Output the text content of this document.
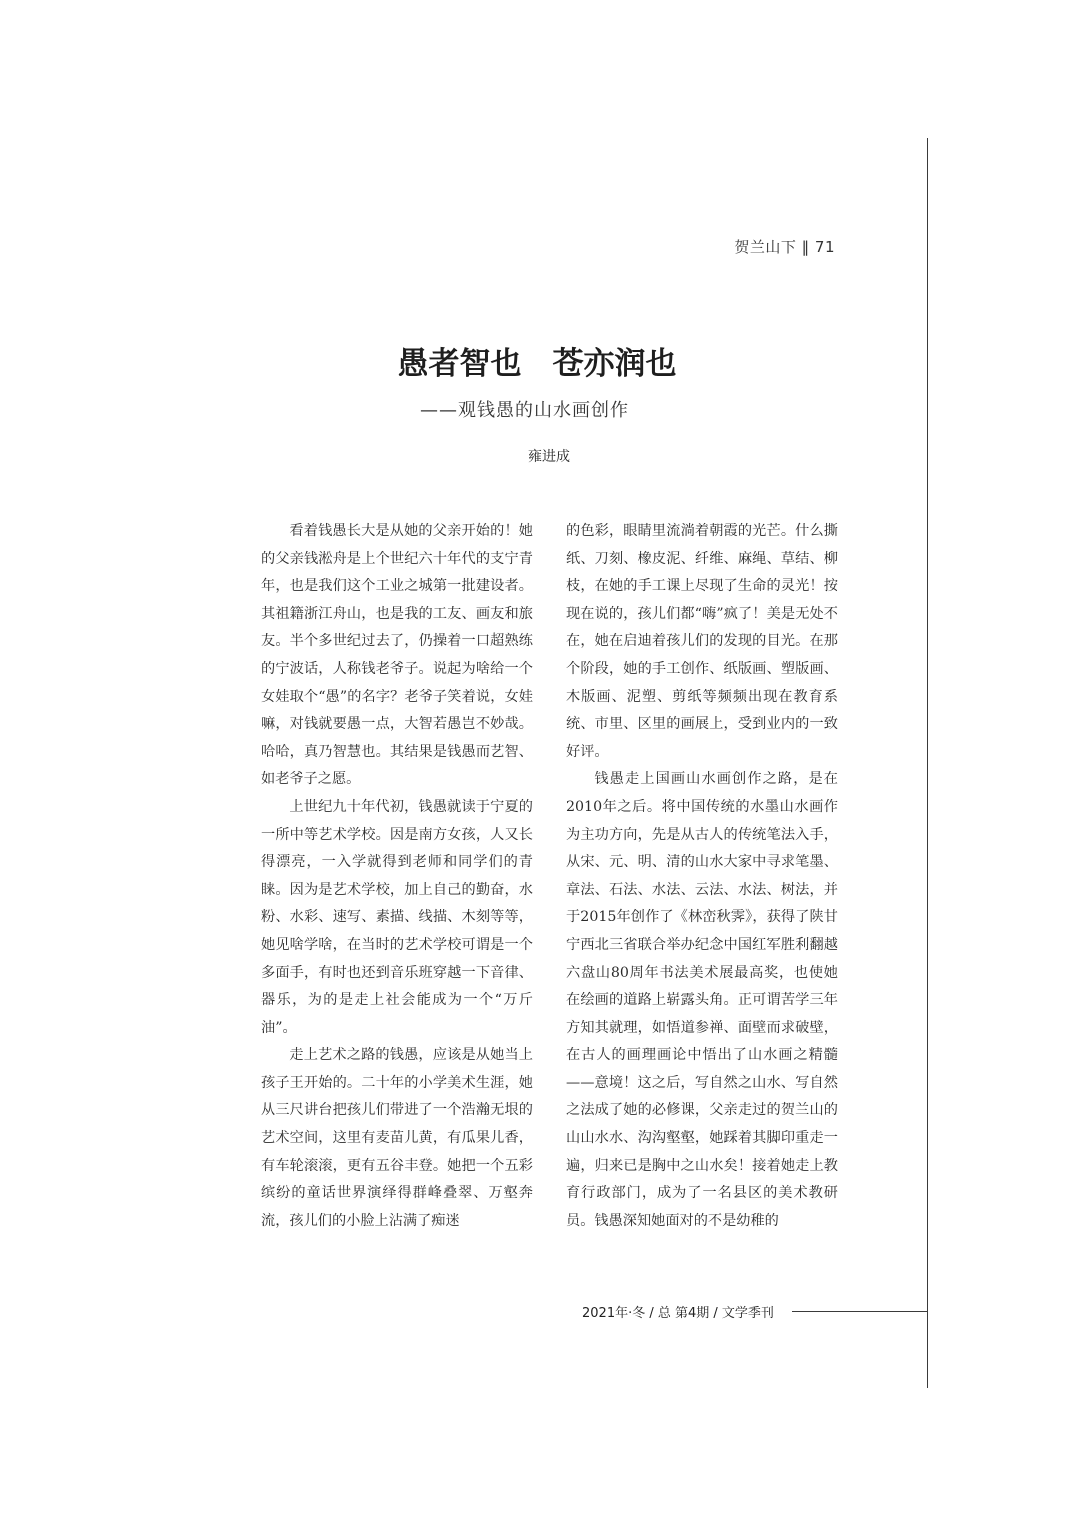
贺兰山下 ‖ 71
愚者智也　苍亦润也
——观钱愚的山水画创作
雍进成

看着钱愚长大是从她的父亲开始的！她的父亲钱淞舟是上个世纪六十年代的支宁青年，也是我们这个工业之城第一批建设者。其祖籍浙江舟山，也是我的工友、画友和旅友。半个多世纪过去了，仍操着一口超熟练的宁波话，人称钱老爷子。说起为啥给一个女娃取个“愚”的名字？老爷子笑着说，女娃嘛，对钱就要愚一点，大智若愚岂不妙哉。哈哈，真乃智慧也。其结果是钱愚而艺智、如老爷子之愿。

上世纪九十年代初，钱愚就读于宁夏的一所中等艺术学校。因是南方女孩，人又长得漂亮，一入学就得到老师和同学们的青睐。因为是艺术学校，加上自己的勤奋，水粉、水彩、速写、素描、线描、木刻等等，她见啥学啥，在当时的艺术学校可谓是一个多面手，有时也还到音乐班穿越一下音律、器乐，为的是走上社会能成为一个“万斤油”。

走上艺术之路的钱愚，应该是从她当上孩子王开始的。二十年的小学美术生涯，她从三尺讲台把孩儿们带进了一个浩瀚无垠的艺术空间，这里有麦苗儿黄，有瓜果儿香，有车轮滚滚，更有五谷丰登。她把一个五彩缤纷的童话世界演绎得群峰叠翠、万壑奔流，孩儿们的小脸上沾满了痴迷

的色彩，眼睛里流淌着朝霞的光芒。什么撕纸、刀刻、橡皮泥、纤维、麻绳、草结、柳枝，在她的手工课上尽现了生命的灵光！按现在说的，孩儿们都“嗨”疯了！美是无处不在，她在启迪着孩儿们的发现的目光。在那个阶段，她的手工创作、纸版画、塑版画、木版画、泥塑、剪纸等频频出现在教育系统、市里、区里的画展上，受到业内的一致好评。

钱愚走上国画山水画创作之路，是在2010年之后。将中国传统的水墨山水画作为主功方向，先是从古人的传统笔法入手，从宋、元、明、清的山水大家中寻求笔墨、章法、石法、水法、云法、水法、树法，并于2015年创作了《林峦秋霁》，获得了陕甘宁西北三省联合举办纪念中国红军胜利翻越六盘山80周年书法美术展最高奖，也使她在绘画的道路上崭露头角。正可谓苦学三年方知其就理，如悟道参禅、面壁而求破壁，在古人的画理画论中悟出了山水画之精髓——意境！这之后，写自然之山水、写自然之法成了她的必修课，父亲走过的贺兰山的山山水水、沟沟壑壑，她踩着其脚印重走一遍，归来已是胸中之山水矣！接着她走上教育行政部门，成为了一名县区的美术教研员。钱愚深知她面对的不是幼稚的

2021年·冬 / 总 第4期 / 文学季刊
